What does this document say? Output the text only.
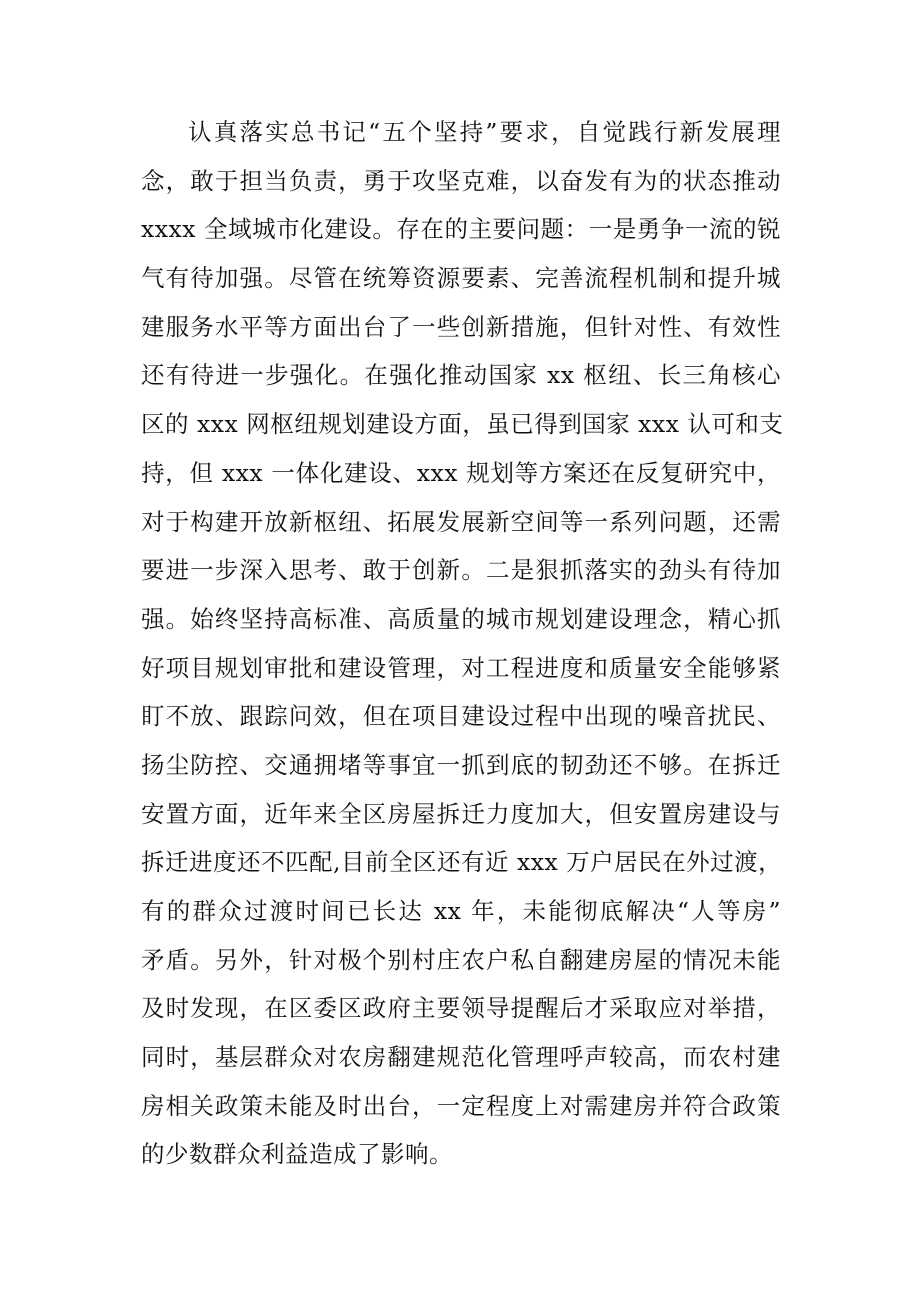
认真落实总书记“五个坚持”要求，自觉践行新发展理
念，敢于担当负责，勇于攻坚克难，以奋发有为的状态推动
xxxx 全域城市化建设。存在的主要问题：一是勇争一流的锐
气有待加强。尽管在统筹资源要素、完善流程机制和提升城
建服务水平等方面出台了一些创新措施，但针对性、有效性
还有待进一步强化。在强化推动国家 xx 枢纽、长三角核心
区的 xxx 网枢纽规划建设方面，虽已得到国家 xxx 认可和支
持，但 xxx 一体化建设、xxx 规划等方案还在反复研究中，
对于构建开放新枢纽、拓展发展新空间等一系列问题，还需
要进一步深入思考、敢于创新。二是狠抓落实的劲头有待加
强。始终坚持高标准、高质量的城市规划建设理念，精心抓
好项目规划审批和建设管理，对工程进度和质量安全能够紧
盯不放、跟踪问效，但在项目建设过程中出现的噪音扰民、
扬尘防控、交通拥堵等事宜一抓到底的韧劲还不够。在拆迁
安置方面，近年来全区房屋拆迁力度加大，但安置房建设与
拆迁进度还不匹配,目前全区还有近 xxx 万户居民在外过渡，
有的群众过渡时间已长达 xx 年，未能彻底解决“人等房”
矛盾。另外，针对极个别村庄农户私自翻建房屋的情况未能
及时发现，在区委区政府主要领导提醒后才采取应对举措，
同时，基层群众对农房翻建规范化管理呼声较高，而农村建
房相关政策未能及时出台，一定程度上对需建房并符合政策
的少数群众利益造成了影响。
